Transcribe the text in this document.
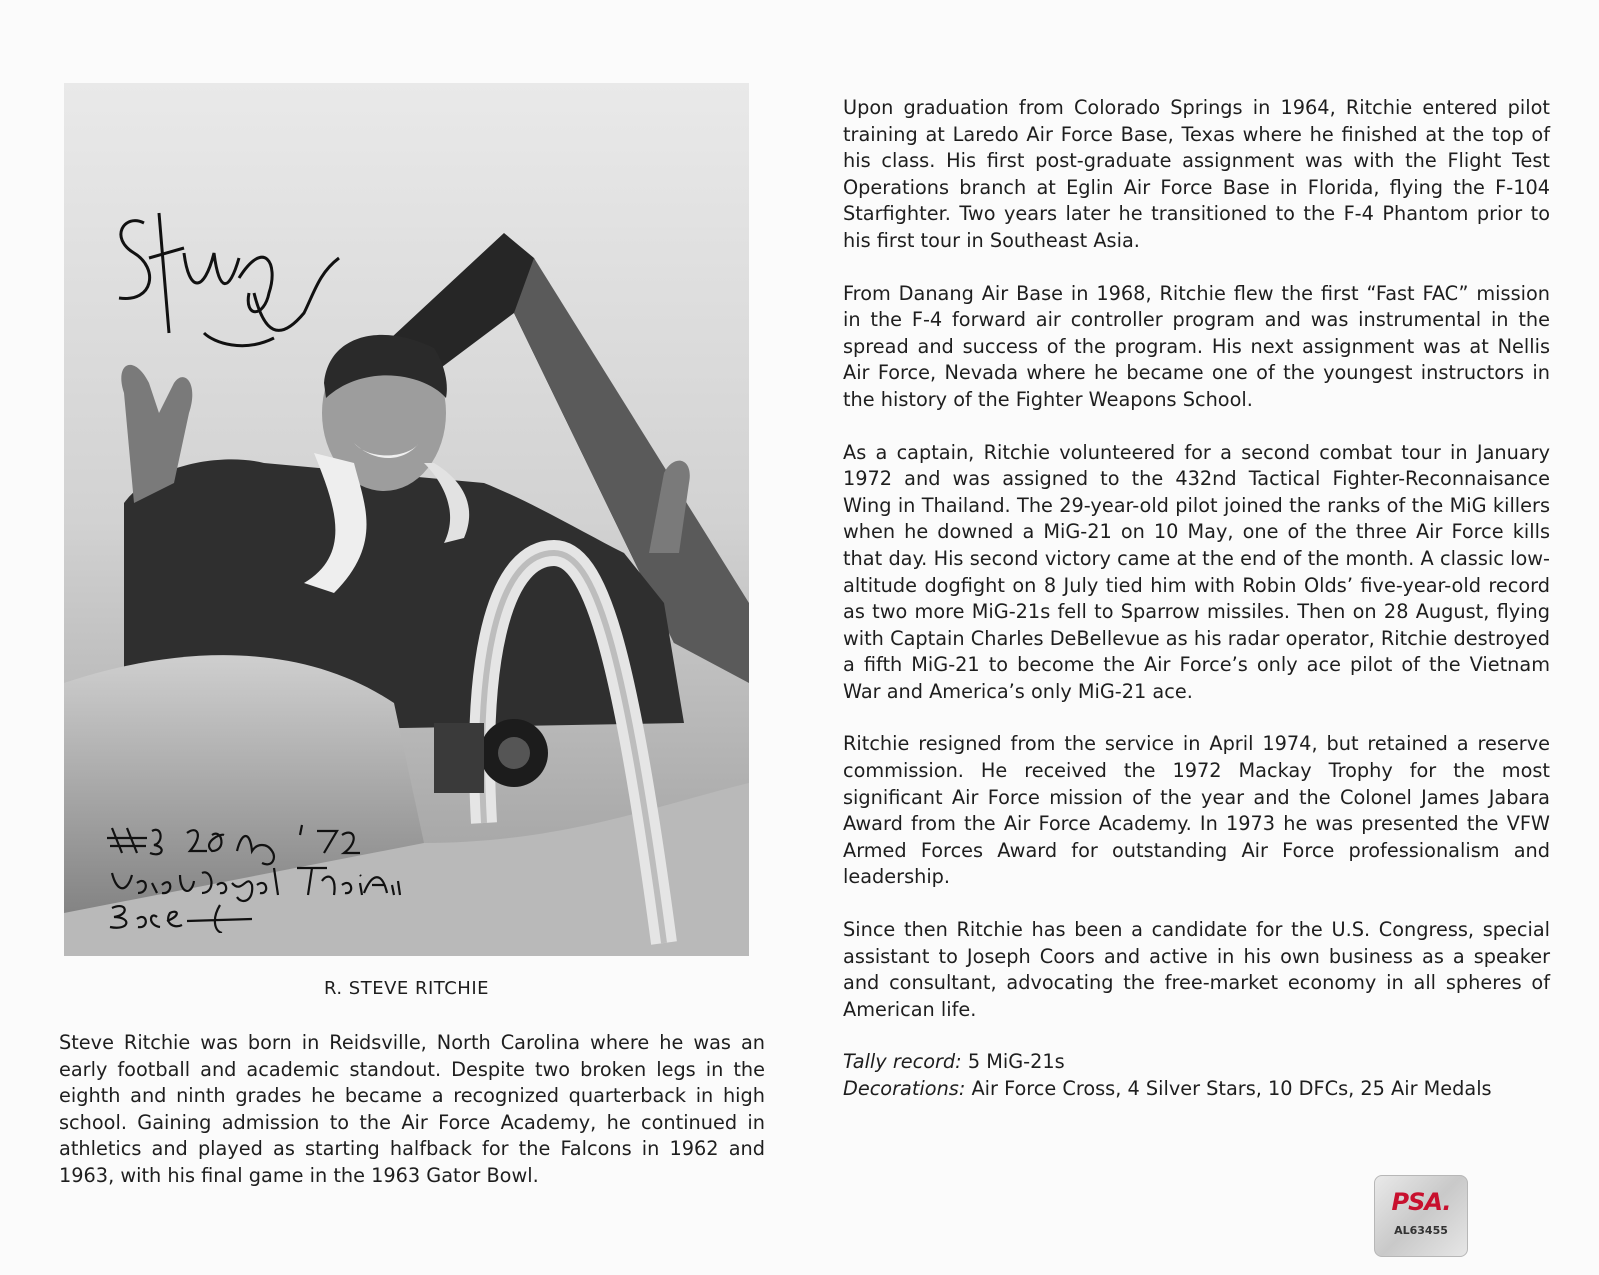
R. STEVE RITCHIE

Steve Ritchie was born in Reidsville, North Carolina where he was an early football and academic standout. Despite two broken legs in the eighth and ninth grades he became a recognized quarterback in high school. Gaining admission to the Air Force Academy, he continued in athletics and played as starting halfback for the Falcons in 1962 and 1963, with his final game in the 1963 Gator Bowl.

Upon graduation from Colorado Springs in 1964, Ritchie entered pilot training at Laredo Air Force Base, Texas where he finished at the top of his class. His first post-graduate assignment was with the Flight Test Operations branch at Eglin Air Force Base in Florida, flying the F-104 Starfighter. Two years later he transitioned to the F-4 Phantom prior to his first tour in Southeast Asia.

From Danang Air Base in 1968, Ritchie flew the first “Fast FAC” mission in the F-4 forward air controller program and was instrumental in the spread and success of the program. His next assignment was at Nellis Air Force, Nevada where he became one of the youngest instructors in the history of the Fighter Weapons School.

As a captain, Ritchie volunteered for a second combat tour in January 1972 and was assigned to the 432nd Tactical Fighter-Reconnaisance Wing in Thailand. The 29-year-old pilot joined the ranks of the MiG killers when he downed a MiG-21 on 10 May, one of the three Air Force kills that day. His second victory came at the end of the month. A classic low-altitude dogfight on 8 July tied him with Robin Olds’ five-year-old record as two more MiG-21s fell to Sparrow missiles. Then on 28 August, flying with Captain Charles DeBellevue as his radar operator, Ritchie destroyed a fifth MiG-21 to become the Air Force’s only ace pilot of the Vietnam War and America’s only MiG-21 ace.

Ritchie resigned from the service in April 1974, but retained a reserve commission. He received the 1972 Mackay Trophy for the most significant Air Force mission of the year and the Colonel James Jabara Award from the Air Force Academy. In 1973 he was presented the VFW Armed Forces Award for outstanding Air Force professionalism and leadership.

Since then Ritchie has been a candidate for the U.S. Congress, special assistant to Joseph Coors and active in his own business as a speaker and consultant, advocating the free-market economy in all spheres of American life.

Tally record: 5 MiG-21s
Decorations: Air Force Cross, 4 Silver Stars, 10 DFCs, 25 Air Medals
PSA.
AL63455
